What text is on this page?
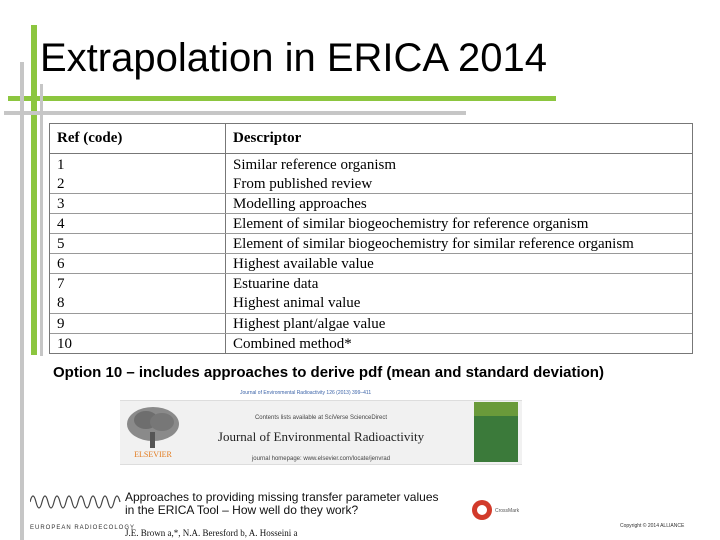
Extrapolation in ERICA 2014
Ref (code)	Descriptor
1	Similar reference organism
2	From published review
3	Modelling approaches
4	Element of similar biogeochemistry for reference organism
5	Element of similar biogeochemistry for similar reference organism
6	Highest available value
7	Estuarine data
8	Highest animal value
9	Highest plant/algae value
10	Combined method*
Option 10 – includes approaches to derive pdf (mean and standard deviation)
Journal of Environmental Radioactivity 126 (2013) 399–411
Contents lists available at SciVerse ScienceDirect
Journal of Environmental Radioactivity
journal homepage: www.elsevier.com/locate/jenvrad
ELSEVIER
EUROPEAN RADIOECOLOGY
Approaches to providing missing transfer parameter values
in the ERICA Tool – How well do they work?
J.E. Brown a,*, N.A. Beresford b, A. Hosseini a
CrossMark
Copyright © 2014 ALLIANCE
